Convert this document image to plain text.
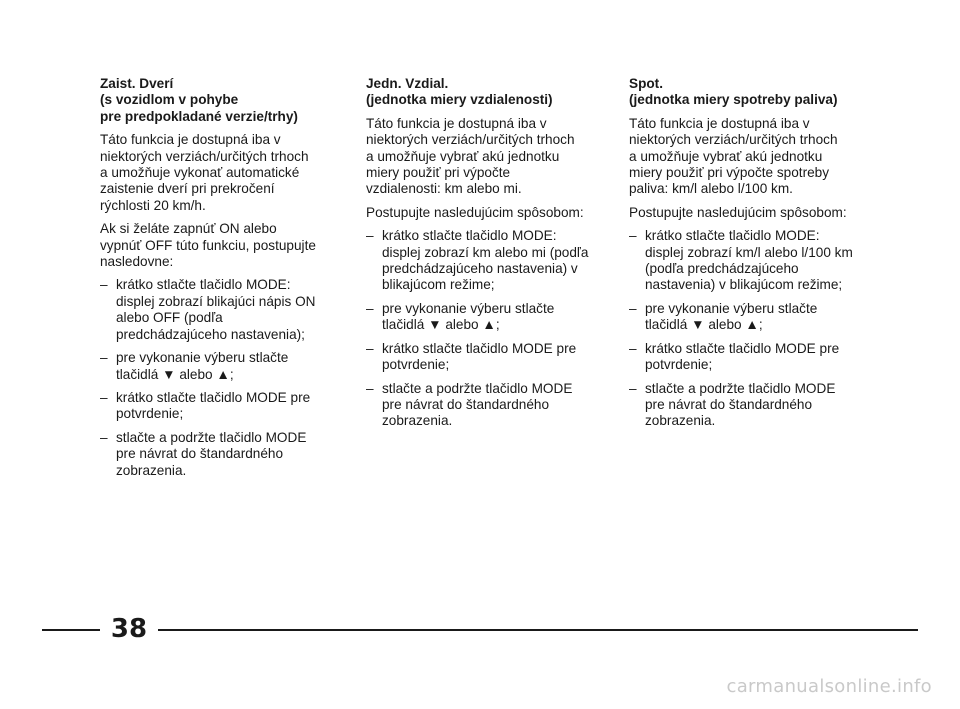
Zaist. Dverí
(s vozidlom v pohybe
pre predpokladané verzie/trhy)
Táto funkcia je dostupná iba v
niektorých verziách/určitých trhoch
a umožňuje vykonať automatické
zaistenie dverí pri prekročení
rýchlosti 20 km/h.
Ak si želáte zapnúť ON alebo
vypnúť OFF túto funkciu, postupujte
nasledovne:
– krátko stlačte tlačidlo MODE:
displej zobrazí blikajúci nápis ON
alebo OFF (podľa
predchádzajúceho nastavenia);
– pre vykonanie výberu stlačte
tlačidlá ▼ alebo ▲;
– krátko stlačte tlačidlo MODE pre
potvrdenie;
– stlačte a podržte tlačidlo MODE
pre návrat do štandardného
zobrazenia.
Jedn. Vzdial.
(jednotka miery vzdialenosti)
Táto funkcia je dostupná iba v
niektorých verziách/určitých trhoch
a umožňuje vybrať akú jednotku
miery použiť pri výpočte
vzdialenosti: km alebo mi.
Postupujte nasledujúcim spôsobom:
– krátko stlačte tlačidlo MODE:
displej zobrazí km alebo mi (podľa
predchádzajúceho nastavenia) v
blikajúcom režime;
– pre vykonanie výberu stlačte
tlačidlá ▼ alebo ▲;
– krátko stlačte tlačidlo MODE pre
potvrdenie;
– stlačte a podržte tlačidlo MODE
pre návrat do štandardného
zobrazenia.
Spot.
(jednotka miery spotreby paliva)
Táto funkcia je dostupná iba v
niektorých verziách/určitých trhoch
a umožňuje vybrať akú jednotku
miery použiť pri výpočte spotreby
paliva: km/l alebo l/100 km.
Postupujte nasledujúcim spôsobom:
– krátko stlačte tlačidlo MODE:
displej zobrazí km/l alebo l/100 km
(podľa predchádzajúceho
nastavenia) v blikajúcom režime;
– pre vykonanie výberu stlačte
tlačidlá ▼ alebo ▲;
– krátko stlačte tlačidlo MODE pre
potvrdenie;
– stlačte a podržte tlačidlo MODE
pre návrat do štandardného
zobrazenia.
38
carmanualsonline.info
